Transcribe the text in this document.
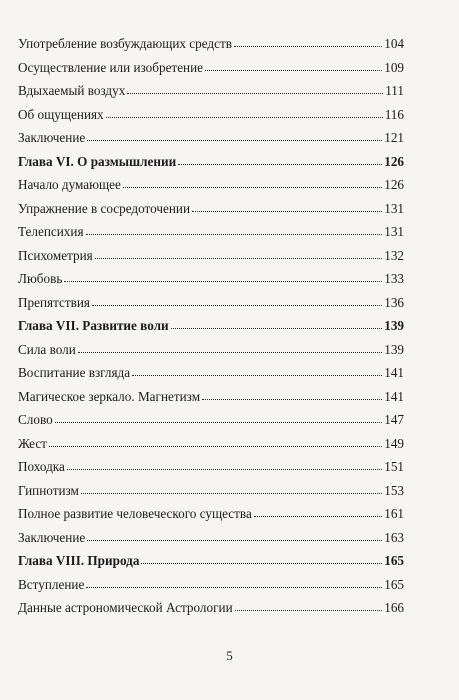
Употребление возбуждающих средств	104
Осуществление или изобретение	109
Вдыхаемый воздух	111
Об ощущениях	116
Заключение	121
Глава VI. О размышлении	126
Начало думающее	126
Упражнение в сосредоточении	131
Телепсихия	131
Психометрия	132
Любовь	133
Препятствия	136
Глава VII. Развитие воли	139
Сила воли	139
Воспитание взгляда	141
Магическое зеркало. Магнетизм	141
Слово	147
Жест	149
Походка	151
Гипнотизм	153
Полное развитие человеческого существа	161
Заключение	163
Глава VIII. Природа	165
Вступление	165
Данные астрономической Астрологии	166
5
